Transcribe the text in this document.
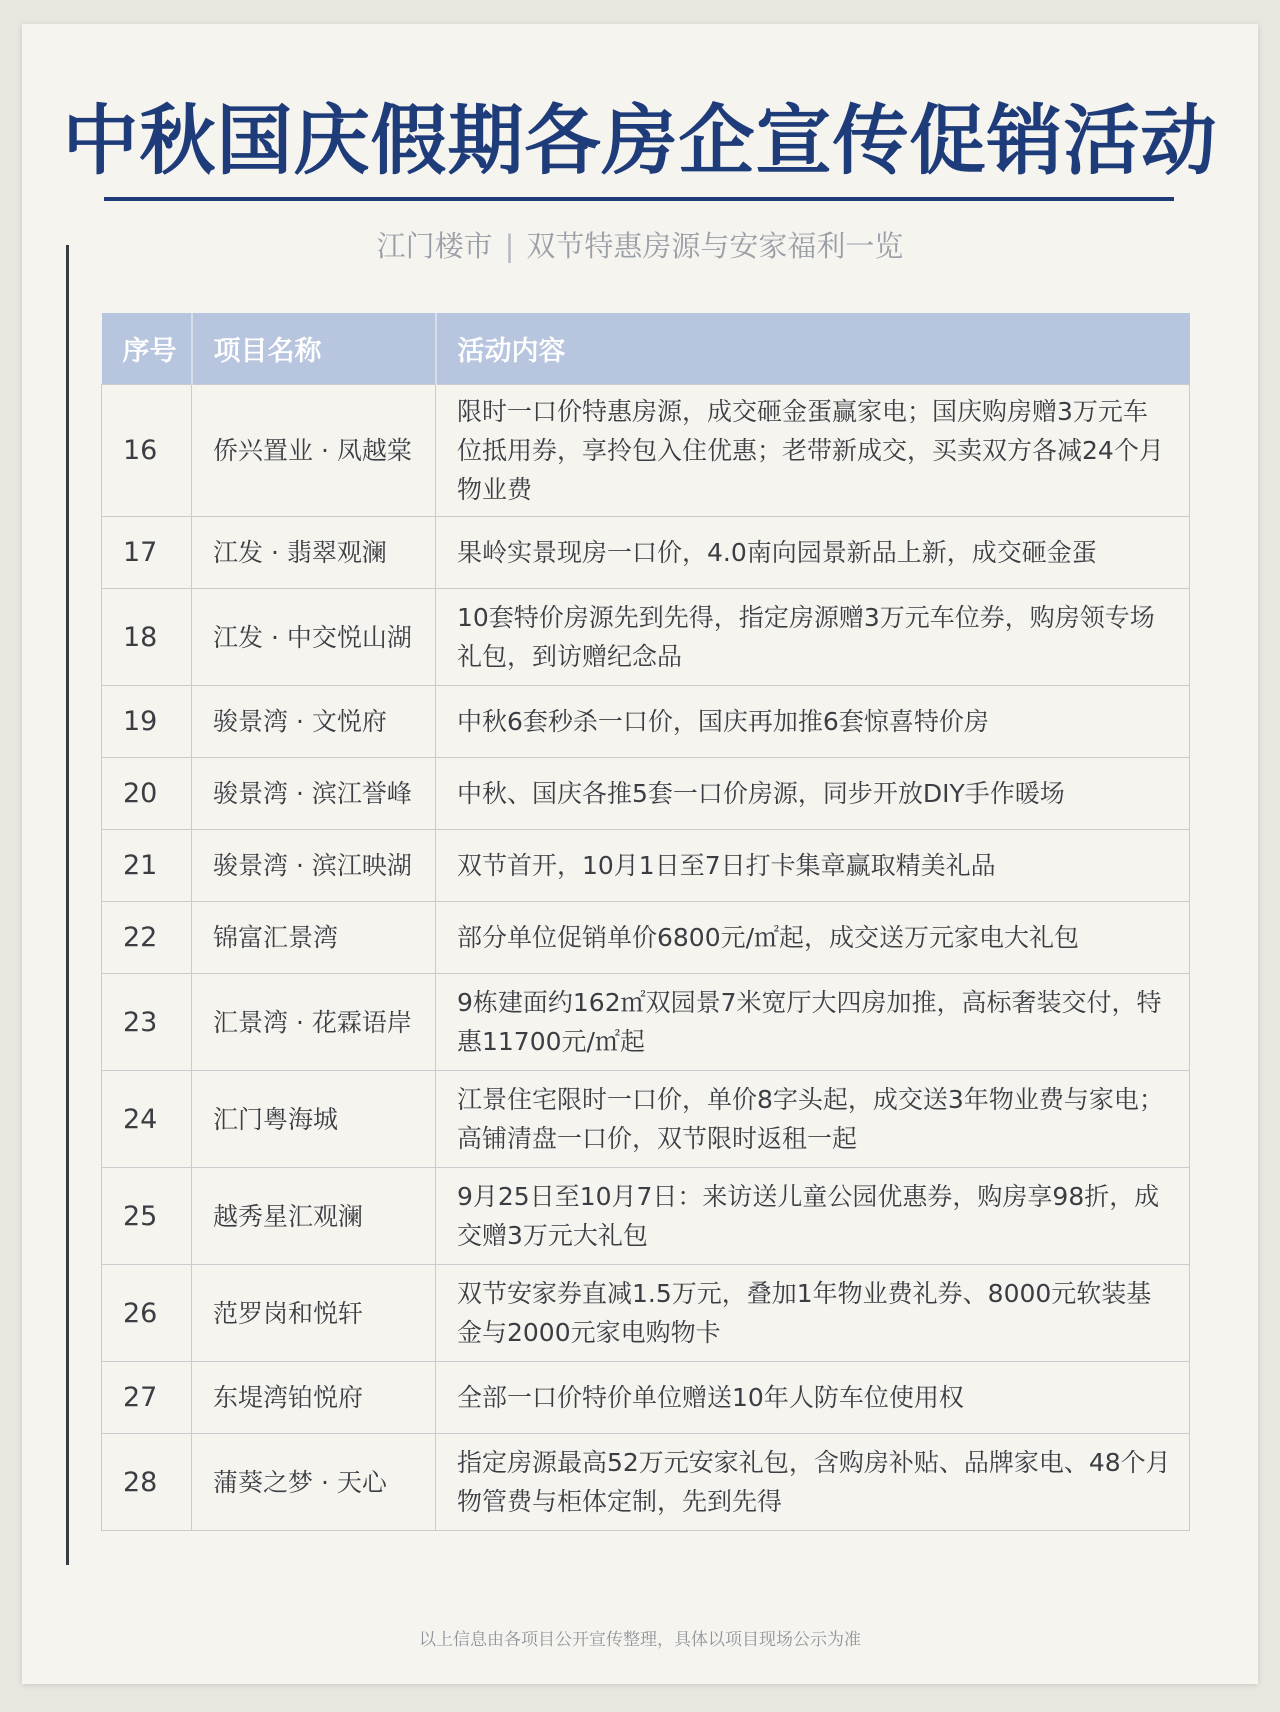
中秋国庆假期各房企宣传促销活动
江门楼市 | 双节特惠房源与安家福利一览
序号	项目名称	活动内容
16	侨兴置业 · 凤越棠	限时一口价特惠房源，成交砸金蛋赢家电；国庆购房赠3万元车位抵用券，享拎包入住优惠；老带新成交，买卖双方各减24个月物业费
17	江发 · 翡翠观澜	果岭实景现房一口价，4.0南向园景新品上新，成交砸金蛋
18	江发 · 中交悦山湖	10套特价房源先到先得，指定房源赠3万元车位券，购房领专场礼包，到访赠纪念品
19	骏景湾 · 文悦府	中秋6套秒杀一口价，国庆再加推6套惊喜特价房
20	骏景湾 · 滨江誉峰	中秋、国庆各推5套一口价房源，同步开放DIY手作暖场
21	骏景湾 · 滨江映湖	双节首开，10月1日至7日打卡集章赢取精美礼品
22	锦富汇景湾	部分单位促销单价6800元/㎡起，成交送万元家电大礼包
23	汇景湾 · 花霖语岸	9栋建面约162㎡双园景7米宽厅大四房加推，高标奢装交付，特惠11700元/㎡起
24	汇门粤海城	江景住宅限时一口价，单价8字头起，成交送3年物业费与家电；高铺清盘一口价，双节限时返租一起
25	越秀星汇观澜	9月25日至10月7日：来访送儿童公园优惠券，购房享98折，成交赠3万元大礼包
26	范罗岗和悦轩	双节安家券直减1.5万元，叠加1年物业费礼券、8000元软装基金与2000元家电购物卡
27	东堤湾铂悦府	全部一口价特价单位赠送10年人防车位使用权
28	蒲葵之梦 · 天心	指定房源最高52万元安家礼包，含购房补贴、品牌家电、48个月物管费与柜体定制，先到先得
以上信息由各项目公开宣传整理，具体以项目现场公示为准
